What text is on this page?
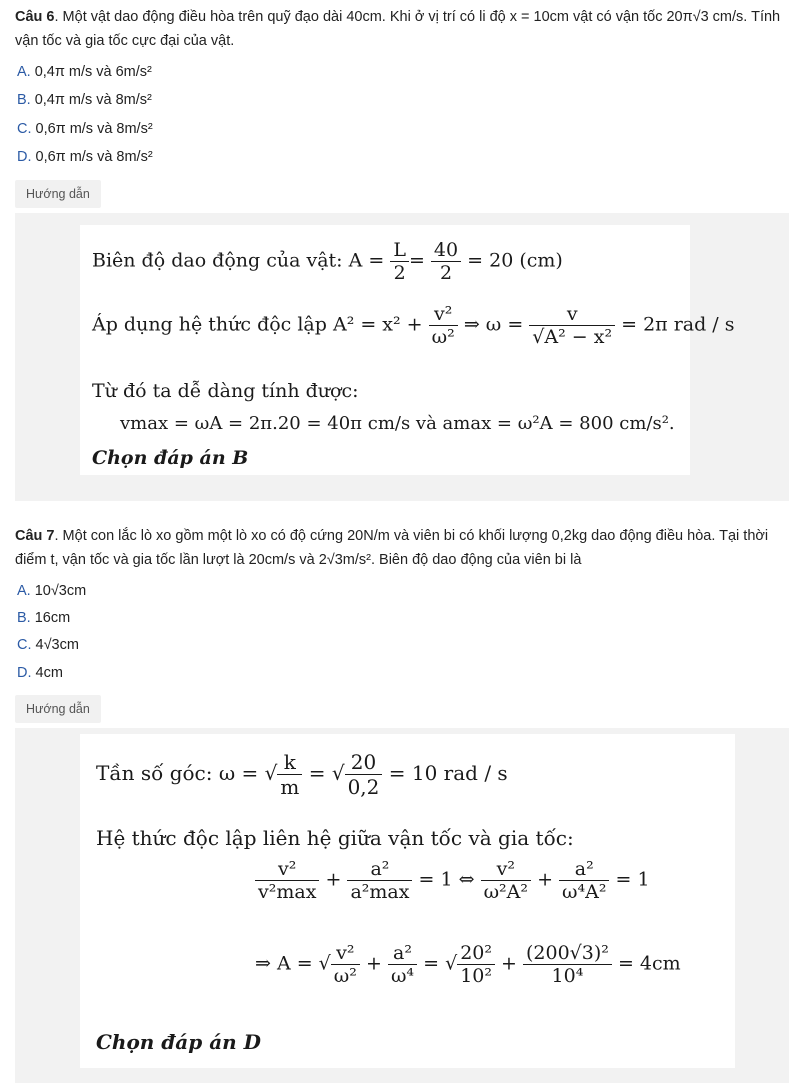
Câu 6. Một vật dao động điều hòa trên quỹ đạo dài 40cm. Khi ở vị trí có li độ x = 10cm vật có vận tốc 20π√3 cm/s. Tính vận tốc và gia tốc cực đại của vật.
A. 0,4π m/s và 6m/s²
B. 0,4π m/s và 8m/s²
C. 0,6π m/s và 8m/s²
D. 0,6π m/s và 8m/s²
Hướng dẫn
Biên độ dao động của vật: $A = \frac{L}{2} = \frac{40}{2} = 20$ (cm)
Áp dụng hệ thức độc lập $A^2 = x^2 + \frac{\text{v²}}{\text{ω²}}$ ⇒ $\omega = \frac{v}{\text{√A² − x²}} = 2\pi$ rad / s
Từ đó ta dễ dàng tính được:
vmax = ωA = 2π.20 = 40π cm/s và amax = ω²A = 800 cm/s².
Chọn đáp án B
Câu 7. Một con lắc lò xo gồm một lò xo có độ cứng 20N/m và viên bi có khối lượng 0,2kg dao động điều hòa. Tại thời điểm t, vận tốc và gia tốc lần lượt là 20cm/s và 2√3m/s². Biên độ dao động của viên bi là
A. 10√3cm
B. 16cm
C. 4√3cm
D. 4cm
Hướng dẫn
Tần số góc: ω = √ $\frac{k}{m}$ = √ $\frac{20}{0,2} = 10$ rad / s
Hệ thức độc lập liên hệ giữa vận tốc và gia tốc:
$\frac{\text{v²}}{\text{v²max}} + \frac{\text{a²}}{\text{a²max}} = 1$ ⇔ $\frac{\text{v²}}{\text{ω²A²}} + \frac{\text{a²}}{\text{ω⁴A²}} = 1$
⇒ A = √ $\frac{\text{v²}}{\text{ω²}} + \frac{\text{a²}}{\text{ω⁴}}$ = √ $\frac{\text{20²}}{\text{10²}} + \frac{\text{(200√3)²}}{\text{10⁴}} = 4cm$
Chọn đáp án D
